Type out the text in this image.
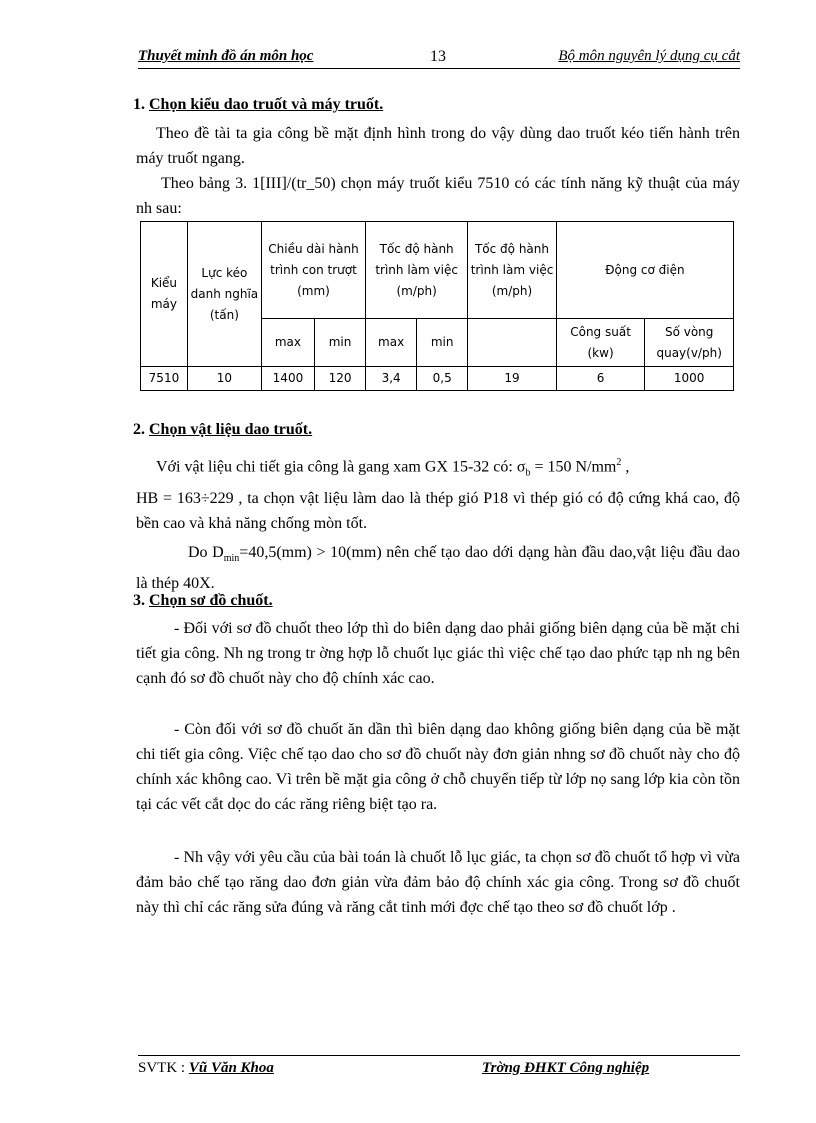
Thuyết minh đồ án môn học	13	Bộ môn nguyên lý dụng cụ cắt
1. Chọn kiểu dao truốt và máy truốt.
Theo đề tài ta gia công bề mặt định hình trong do vậy dùng dao truốt kéo tiến hành trên máy truốt ngang.
Theo bảng 3. 1[III]/(tr_50) chọn máy truốt kiểu 7510 có các tính năng kỹ thuật của máy nh sau:
Kiểu máy	Lực kéo danh nghĩa (tấn)	Chiều dài hành trình con trượt (mm)		Tốc độ hành trình làm việc (m/ph)		Tốc độ hành trình làm việc (m/ph)	Động cơ điện	
		max	min	max	min		Công suất (kw)	Số vòng quay(v/ph)
7510	10	1400	120	3,4	0,5	19	6	1000
2. Chọn vật liệu dao truốt.
Với vật liệu chi tiết gia công là gang xam GX 15-32 có: $\sigma_b = 150$ $N/mm^2$ ,
HB = 163÷229 , ta chọn vật liệu làm dao là thép gió P18 vì thép gió có độ cứng khá cao, độ bền cao và khả năng chống mòn tốt.
Do $D_{min}=40,5(mm) > 10(mm)$ nên chế tạo dao dới dạng hàn đầu dao,vật liệu đầu dao là thép 40X.
3. Chọn sơ đồ chuốt.
- Đối với sơ đồ chuốt theo lớp thì do biên dạng dao phải giống biên dạng của bề mặt chi tiết gia công. Nh ng trong tr ờng hợp lỗ chuốt lục giác thì việc chế tạo dao phức tạp nh ng bên cạnh đó sơ đồ chuốt này cho độ chính xác cao.
- Còn đối với sơ đồ chuốt ăn dần thì biên dạng dao không giống biên dạng của bề mặt chi tiết gia công. Việc chế tạo dao cho sơ đồ chuốt này đơn giản nhng sơ đồ chuốt này cho độ chính xác không cao. Vì trên bề mặt gia công ở chỗ chuyển tiếp từ lớp nọ sang lớp kia còn tồn tại các vết cắt dọc do các răng riêng biệt tạo ra.
- Nh vậy với yêu cầu của bài toán là chuốt lỗ lục giác, ta chọn sơ đồ chuốt tổ hợp vì vừa đảm bảo chế tạo răng dao đơn giản vừa đảm bảo độ chính xác gia công. Trong sơ đồ chuốt này thì chỉ các răng sửa đúng và răng cắt tinh mới đợc chế tạo theo sơ đồ chuốt lớp .
SVTK : Vũ Văn Khoa	Trờng ĐHKT Công nghiệp
